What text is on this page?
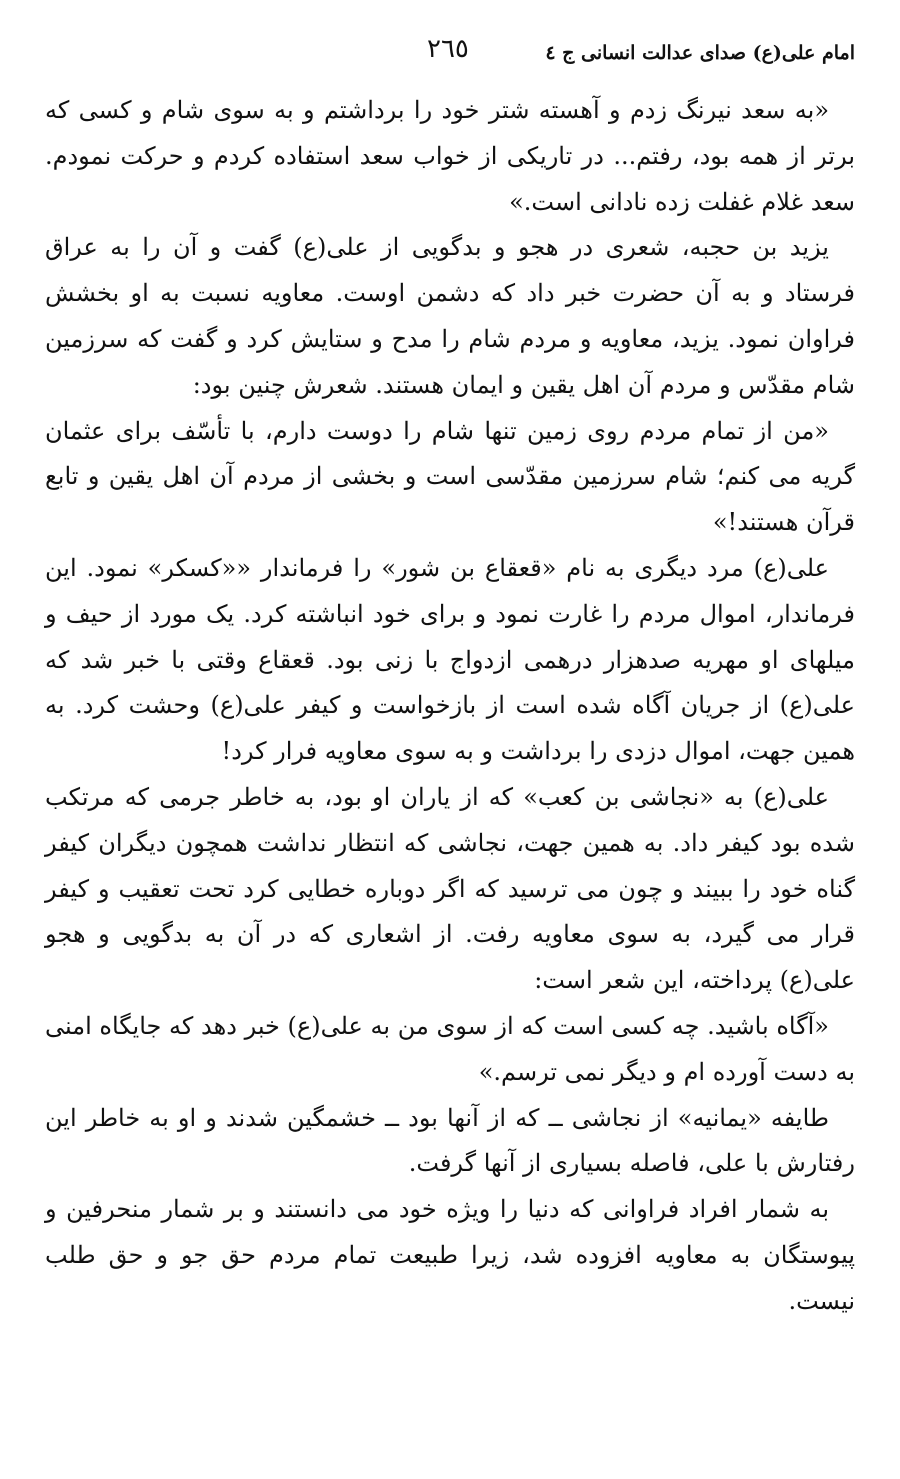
امام علی(ع) صدای عدالت انسانی ج ٤
٢٦٥

«به سعد نیرنگ زدم و آهسته شتر خود را برداشتم و به سوی شام و کسی که برتر از همه بود، رفتم... در تاریکی از خواب سعد استفاده کردم و حرکت نمودم. سعد غلام غفلت زده نادانی است.»

یزید بن حجبه، شعری در هجو و بدگویی از علی(ع) گفت و آن را به عراق فرستاد و به آن حضرت خبر داد که دشمن اوست. معاویه نسبت به او بخشش فراوان نمود. یزید، معاویه و مردم شام را مدح و ستایش کرد و گفت که سرزمین شام مقدّس و مردم آن اهل یقین و ایمان هستند. شعرش چنین بود:

«من از تمام مردم روی زمین تنها شام را دوست دارم، با تأسّف برای عثمان گریه می کنم؛ شام سرزمین مقدّسی است و بخشی از مردم آن اهل یقین و تابع قرآن هستند!»

علی(ع) مرد دیگری به نام «قعقاع بن شور» را فرماندار ««کسکر» نمود. این فرماندار، اموال مردم را غارت نمود و برای خود انباشته کرد. یک مورد از حیف و میلهای او مهریه صدهزار درهمی ازدواج با زنی بود. قعقاع وقتی با خبر شد که علی(ع) از جریان آگاه شده است از بازخواست و کیفر علی(ع) وحشت کرد. به همین جهت، اموال دزدی را برداشت و به سوی معاویه فرار کرد!

علی(ع) به «نجاشی بن کعب» که از یاران او بود، به خاطر جرمی که مرتکب شده بود کیفر داد. به همین جهت، نجاشی که انتظار نداشت همچون دیگران کیفر گناه خود را ببیند و چون می ترسید که اگر دوباره خطایی کرد تحت تعقیب و کیفر قرار می گیرد، به سوی معاویه رفت. از اشعاری که در آن به بدگویی و هجو علی(ع) پرداخته، این شعر است:

«آگاه باشید. چه کسی است که از سوی من به علی(ع) خبر دهد که جایگاه امنی به دست آورده ام و دیگر نمی ترسم.»

طایفه «یمانیه» از نجاشی ــ که از آنها بود ــ خشمگین شدند و او به خاطر این رفتارش با علی، فاصله بسیاری از آنها گرفت.

به شمار افراد فراوانی که دنیا را ویژه خود می دانستند و بر شمار منحرفین و پیوستگان به معاویه افزوده شد، زیرا طبیعت تمام مردم حق جو و حق طلب نیست.
